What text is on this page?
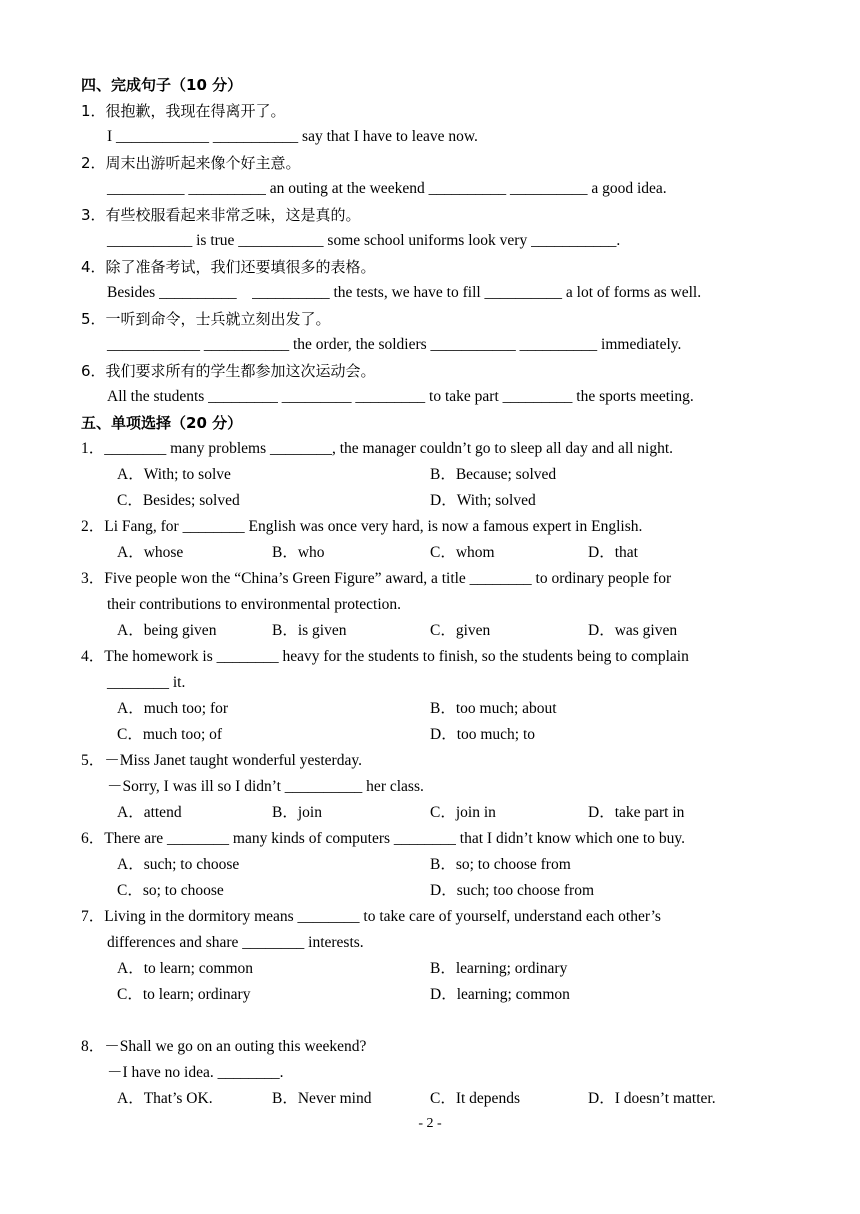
四、完成句子（10 分）
1．很抱歉，我现在得离开了。
I ____________ ___________ say that I have to leave now.
2．周末出游听起来像个好主意。
__________ __________ an outing at the weekend __________ __________ a good idea.
3．有些校服看起来非常乏味，这是真的。
___________ is true ___________ some school uniforms look very ___________.
4．除了准备考试，我们还要填很多的表格。
Besides __________    __________ the tests, we have to fill __________ a lot of forms as well.
5．一听到命令，士兵就立刻出发了。
____________ ___________ the order, the soldiers ___________ __________ immediately.
6．我们要求所有的学生都参加这次运动会。
All the students _________ _________ _________ to take part _________ the sports meeting.
五、单项选择（20 分）
1．________ many problems ________, the manager couldn’t go to sleep all day and all night.
A．With; to solve	B．Because; solved
C．Besides; solved	D．With; solved
2．Li Fang, for ________ English was once very hard, is now a famous expert in English.
A．whose	B．who	C．whom	D．that
3．Five people won the “China’s Green Figure” award, a title ________ to ordinary people for
their contributions to environmental protection.
A．being given	B．is given	C．given	D．was given
4．The homework is ________ heavy for the students to finish, so the students being to complain
________ it.
A．much too; for	B．too much; about
C．much too; of	D．too much; to
5．－Miss Janet taught wonderful yesterday.
－Sorry, I was ill so I didn’t __________ her class.
A．attend	B．join	C．join in	D．take part in
6．There are ________ many kinds of computers ________ that I didn’t know which one to buy.
A．such; to choose	B．so; to choose from
C．so; to choose	D．such; too choose from
7．Living in the dormitory means ________ to take care of yourself, understand each other’s
differences and share ________ interests.
A．to learn; common	B．learning; ordinary
C．to learn; ordinary	D．learning; common
8．－Shall we go on an outing this weekend?
－I have no idea. ________.
A．That’s OK.	B．Never mind	C．It depends	D．I doesn’t matter.
- 2 -
